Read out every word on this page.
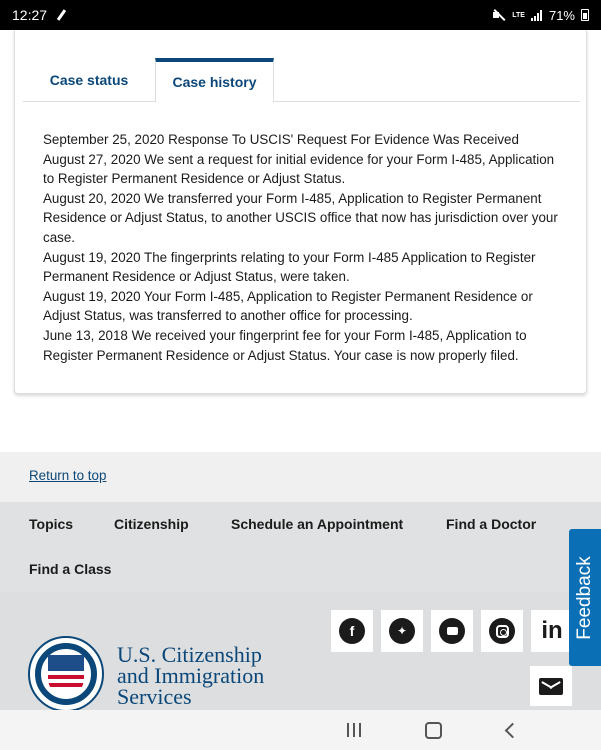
12:27	LTE 71%
Case status	Case history

September 25, 2020 Response To USCIS' Request For Evidence Was Received

August 27, 2020 We sent a request for initial evidence for your Form I-485, Application to Register Permanent Residence or Adjust Status.

August 20, 2020 We transferred your Form I-485, Application to Register Permanent Residence or Adjust Status, to another USCIS office that now has jurisdiction over your case.

August 19, 2020 The fingerprints relating to your Form I-485 Application to Register Permanent Residence or Adjust Status, were taken.

August 19, 2020 Your Form I-485, Application to Register Permanent Residence or Adjust Status, was transferred to another office for processing.

June 13, 2018 We received your fingerprint fee for your Form I-485, Application to Register Permanent Residence or Adjust Status. Your case is now properly filed.

Return to top
Topics	Citizenship	Schedule an Appointment	Find a Doctor
Find a Class
U.S. Citizenship
and Immigration
Services
f	✦	in Feedback
